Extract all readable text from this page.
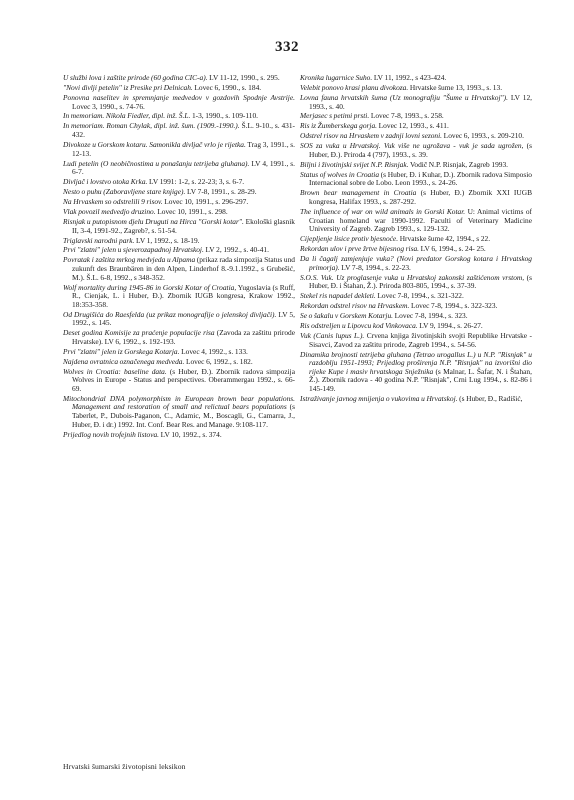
332

U službi lova i zaštite prirode (60 godina CIC-a). LV 11-12, 1990., s. 295.

"Novi divlji petelin" iz Presike pri Delnicah. Lovec 6, 1990., s. 184.

Ponovna naselitev in spremnjanje medvedov v gozdovih Spodnje Avstrije. Lovec 3, 1990., s. 74-76.

In memoriam. Nikola Fiedler, dipl. inž. Š.L. 1-3, 1990., s. 109-110.

In memoriam. Roman Chylak, dipl. inž. šum. (1909.-1990.). Š.L. 9-10., s. 431-432.

Divokoze u Gorskom kotaru. Samonikla divljač vrlo je rijetka. Trag 3, 1991., s. 12-13.

Ludi petelin (O neobičnostima u ponašanju tetrijeba gluhana). LV 4, 1991., s. 6-7.

Divljač i lovstvo otoka Krka. LV 1991: 1-2, s. 22-23; 3, s. 6-7.

Nesto o puhu (Zaboravljene stare knjige). LV 7-8, 1991., s. 28-29.

Na Hrvaskem so odstrelili 9 risov. Lovec 10, 1991., s. 296-297.

Vlak povozil medvedjo druzino. Lovec 10, 1991., s. 298.

Risnjak u putopisnom djelu Druguti na Hirca "Gorski kotar". Ekološki glasnik II, 3-4, 1991-92., Zagreb?, s. 51-54.

Triglavski narodni park. LV 1, 1992., s. 18-19.

Prvi "zlatni" jelen u sjeverozapadnoj Hrvatskoj. LV 2, 1992., s. 40-41.

Povratak i zaštita mrkog medvjeda u Alpama (prikaz rada simpozija Status und zukunft des Braunbären in den Alpen, Linderhof 8.-9.1.1992., s Grubešić, M.). Š.L. 6-8, 1992., s 348-352.

Wolf mortality during 1945-86 in Gorski Kotar of Croatia, Yugoslavia (s Ruff, R., Cienjak, L. i Huber, Đ.). Zbornik IUGB kongresa, Krakow 1992., 18:353-358.

Od Drugišića do Raesfelda (uz prikaz monografije o jelenskoj divljači). LV 5, 1992., s. 145.

Deset godina Komisije za praćenje populacije risa (Zavoda za zaštitu prirode Hrvatske). LV 6, 1992., s. 192-193.

Prvi "zlatni" jelen iz Gorskega Kotarja. Lovec 4, 1992., s. 133.

Najdena ovratnica označenega medveda. Lovec 6, 1992., s. 182.

Wolves in Croatia: baseline data. (s Huber, Đ.). Zbornik radova simpozija Wolves in Europe - Status and perspectives. Oberammergau 1992., s. 66-69.

Mitochondrial DNA polymorphism in European brown bear populations. Management and restoration of small and relictual bears populations (s Taberlet, P., Dubois-Paganon, C., Adamic, M., Boscagli, G., Camarra, J., Huber, Đ. i dr.) 1992. Int. Conf. Bear Res. and Manage. 9:108-117.

Prijedlog novih trofejnih listova. LV 10, 1992., s. 374.

Kronika lugarnice Suho. LV 11, 1992., s 423-424.

Velebit ponovo krasi planu divokoza. Hrvatske šume 13, 1993., s. 13.

Lovna fauna hrvatskih šuma (Uz monografiju "Šume u Hrvatskoj"). LV 12, 1993., s. 40.

Merjasec s petimi prsti. Lovec 7-8, 1993., s. 258.

Ris iz Žumberskega gorja. Lovec 12, 1993., s. 411.

Odstrel risov na Hrvaskem v zadnji lovni sezoni. Lovec 6, 1993., s. 209-210.

SOS za vuka u Hrvatskoj. Vuk više ne ugrožava - vuk je sada ugrožen, (s Huber, Đ.). Priroda 4 (797), 1993., s. 39.

Biljni i životinjski svijet N.P. Risnjak. Vodič N.P. Risnjak, Zagreb 1993.

Status of wolves in Croatia (s Huber, Đ. i Kuhar, D.). Zbornik radova Simposio Internacional sobre de Lobo. Leon 1993., s. 24-26.

Brown bear management in Croatia (s Huber, Đ.) Zbornik XXI IUGB kongresa, Halifax 1993., s. 287-292.

The influence of war on wild animals in Gorski Kotar. U: Animal victims of Croatian homeland war 1990-1992. Faculti of Veterinary Madicine University of Zagreb. Zagreb 1993., s. 129-132.

Cijepljenje lisice protiv bjesnoće. Hrvatske šume 42, 1994., s 22.

Rekordan ulov i prve žrtve bijesnog risa. LV 6, 1994., s. 24- 25.

Da li čagalj zamjenjuje vuka? (Novi predator Gorskog kotara i Hrvatskog primorja). LV 7-8, 1994., s. 22-23.

S.O.S. Vuk. Uz proglasenje vuka u Hrvatskoj zakonski zaštićenom vrstom, (s Huber, Đ. i Štahan, Ž.). Priroda 803-805, 1994., s. 37-39.

Stekel ris napadel dekleti. Lovec 7-8, 1994., s. 321-322.

Rekordan odstrel risov na Hrvaskem. Lovec 7-8, 1994., s. 322-323.

Se o šakalu v Gorskem Kotarju. Lovec 7-8, 1994., s. 323.

Ris odstreljen u Lipovcu kod Vinkovaca. LV 9, 1994., s. 26-27.

Vuk (Canis lupus L.). Crvena knjiga životinjskih svojti Republike Hrvatske - Sisavci, Zavod za zaštitu prirode, Zagreb 1994., s. 54-56.

Dinamika brojnosti tetrijeba gluhana (Tetrao urogallus L.) u N.P. "Risnjak" u razdoblju 1951-1993; Prijedlog proširenja N.P. "Risnjak" na izvorišni dio rijeke Kupe i masiv hrvatskoga Snježnika (s Malnar, L. Šafar, N. i Štahan, Ž.). Zbornik radova - 40 godina N.P. "Risnjak", Crni Lug 1994., s. 82-86 i 145-149.

Istraživanje javnog mnijenja o vukovima u Hrvatskoj. (s Huber, Đ., Radišić,

Hrvatski šumarski životopisni leksikon
